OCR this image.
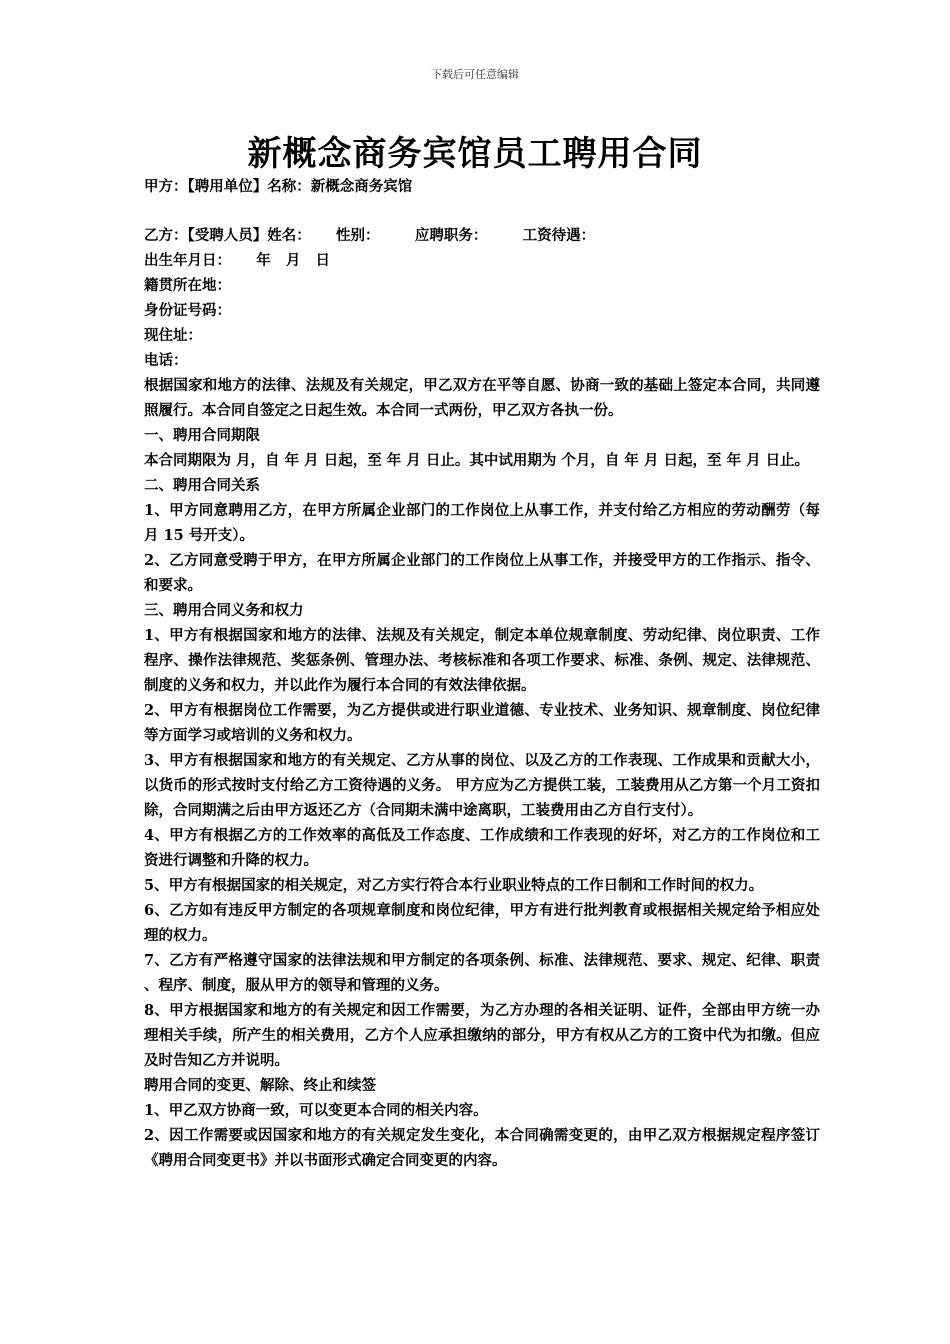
下载后可任意编辑
新概念商务宾馆员工聘用合同
甲方：【聘用单位】名称：新概念商务宾馆
乙方：【受聘人员】姓名：     性别：       应聘职务：       工资待遇：
出生年月日：     年   月   日
籍贯所在地：
身份证号码：
现住址：
电话：
根据国家和地方的法律、法规及有关规定，甲乙双方在平等自愿、协商一致的基础上签定本合同，共同遵照履行。本合同自签定之日起生效。本合同一式两份，甲乙双方各执一份。
一、聘用合同期限
本合同期限为 月，自 年 月 日起，至 年 月 日止。其中试用期为 个月，自 年 月 日起，至 年 月 日止。
二、聘用合同关系
1、甲方同意聘用乙方，在甲方所属企业部门的工作岗位上从事工作，并支付给乙方相应的劳动酬劳（每月 15 号开支）。
2、乙方同意受聘于甲方，在甲方所属企业部门的工作岗位上从事工作，并接受甲方的工作指示、指令、和要求。
三、聘用合同义务和权力
1、甲方有根据国家和地方的法律、法规及有关规定，制定本单位规章制度、劳动纪律、岗位职责、工作程序、操作法律规范、奖惩条例、管理办法、考核标准和各项工作要求、标准、条例、规定、法律规范、制度的义务和权力，并以此作为履行本合同的有效法律依据。
2、甲方有根据岗位工作需要，为乙方提供或进行职业道德、专业技术、业务知识、规章制度、岗位纪律等方面学习或培训的义务和权力。
3、甲方有根据国家和地方的有关规定、乙方从事的岗位、以及乙方的工作表现、工作成果和贡献大小，以货币的形式按时支付给乙方工资待遇的义务。 甲方应为乙方提供工装，工装费用从乙方第一个月工资扣除，合同期满之后由甲方返还乙方（合同期未满中途离职，工装费用由乙方自行支付）。
4、甲方有根据乙方的工作效率的高低及工作态度、工作成绩和工作表现的好坏，对乙方的工作岗位和工资进行调整和升降的权力。
5、甲方有根据国家的相关规定，对乙方实行符合本行业职业特点的工作日制和工作时间的权力。
6、乙方如有违反甲方制定的各项规章制度和岗位纪律，甲方有进行批判教育或根据相关规定给予相应处理的权力。
7、乙方有严格遵守国家的法律法规和甲方制定的各项条例、标准、法律规范、要求、规定、纪律、职责、程序、制度，服从甲方的领导和管理的义务。
8、甲方根据国家和地方的有关规定和因工作需要，为乙方办理的各相关证明、证件，全部由甲方统一办理相关手续，所产生的相关费用，乙方个人应承担缴纳的部分，甲方有权从乙方的工资中代为扣缴。但应及时告知乙方并说明。
聘用合同的变更、解除、终止和续签
1、甲乙双方协商一致，可以变更本合同的相关内容。
2、因工作需要或因国家和地方的有关规定发生变化，本合同确需变更的，由甲乙双方根据规定程序签订《聘用合同变更书》并以书面形式确定合同变更的内容。
